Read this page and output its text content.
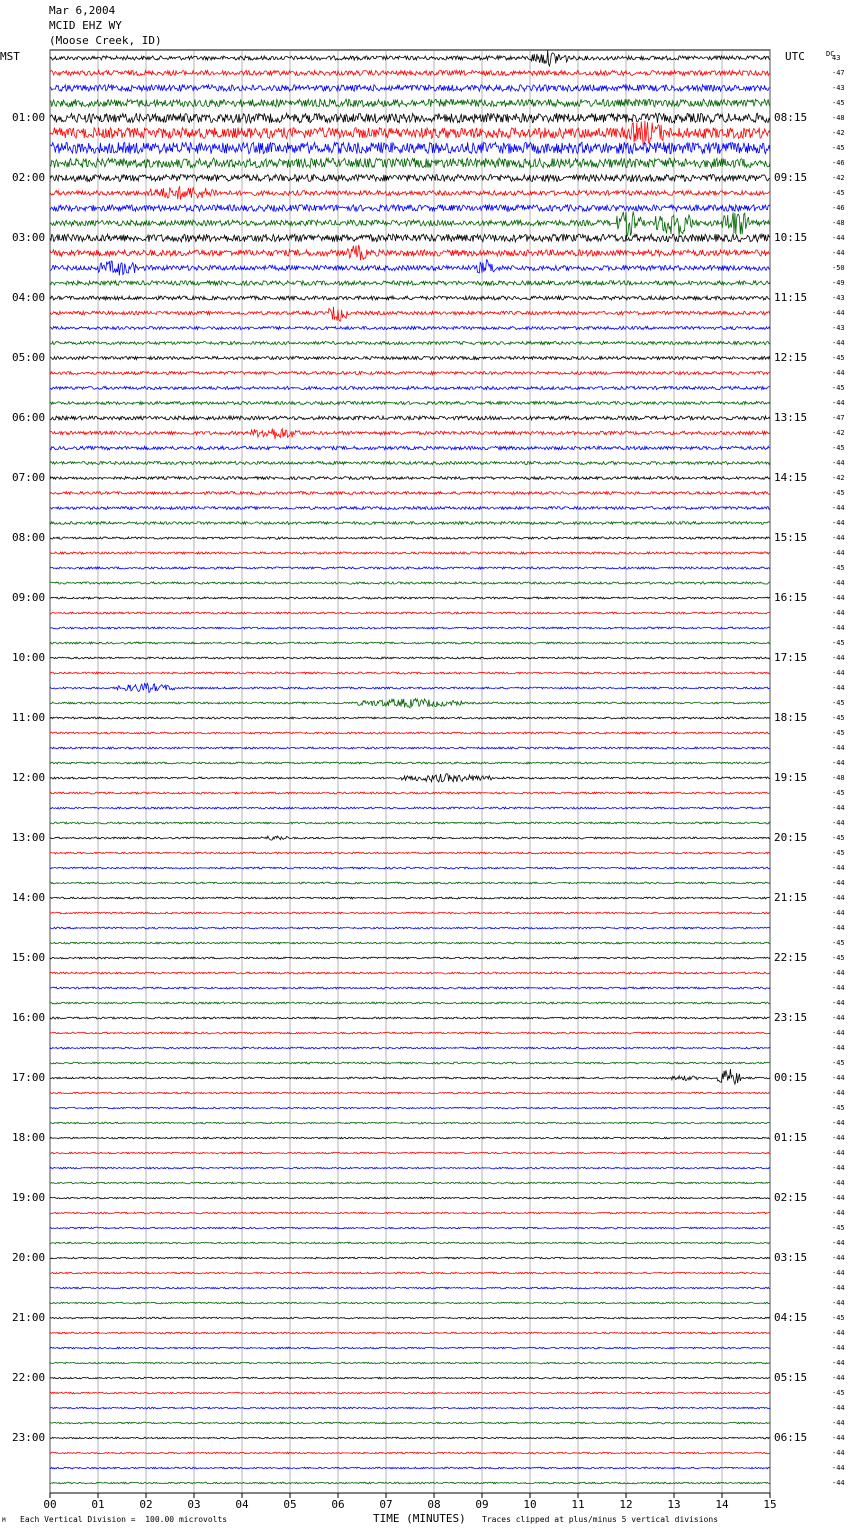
Mar 6,2004
MCID EHZ WY
(Moose Creek, ID)
MST	UTC	DC
00	01	02	03	04	05	06	07	08	09	10	11	12	13	14	15
43
-47
-43
-45
-48
01:00	08:15
-42
-45
-46
-42
02:00	09:15
-45
-46
-48
-44
03:00	10:15
-44
-50
-49
-43
04:00	11:15
-44
-43
-44
-45
05:00	12:15
-44
-45
-44
-47
06:00	13:15
-42
-45
-44
-42
07:00	14:15
-45
-44
-44
-44
08:00	15:15
-44
-45
-44
-44
09:00	16:15
-44
-44
-45
-44
10:00	17:15
-44
-44
-45
-45
11:00	18:15
-45
-44
-44
-48
12:00	19:15
-45
-44
-44
-45
13:00	20:15
-45
-44
-44
-44
14:00	21:15
-44
-44
-45
-45
15:00	22:15
-44
-44
-44
-44
16:00	23:15
-44
-44
-45
-44
17:00	00:15
-44
-45
-44
-44
18:00	01:15
-44
-44
-44
-44
19:00	02:15
-44
-45
-44
-44
20:00	03:15
-44
-44
-44
-45
21:00	04:15
-44
-44
-44
-44
22:00	05:15
-45
-44
-44
-44
23:00	06:15
-44
-44
-44
TIME (MINUTES)
Each Vertical Division =  100.00 microvolts	Traces clipped at plus/minus 5 vertical divisions
M
